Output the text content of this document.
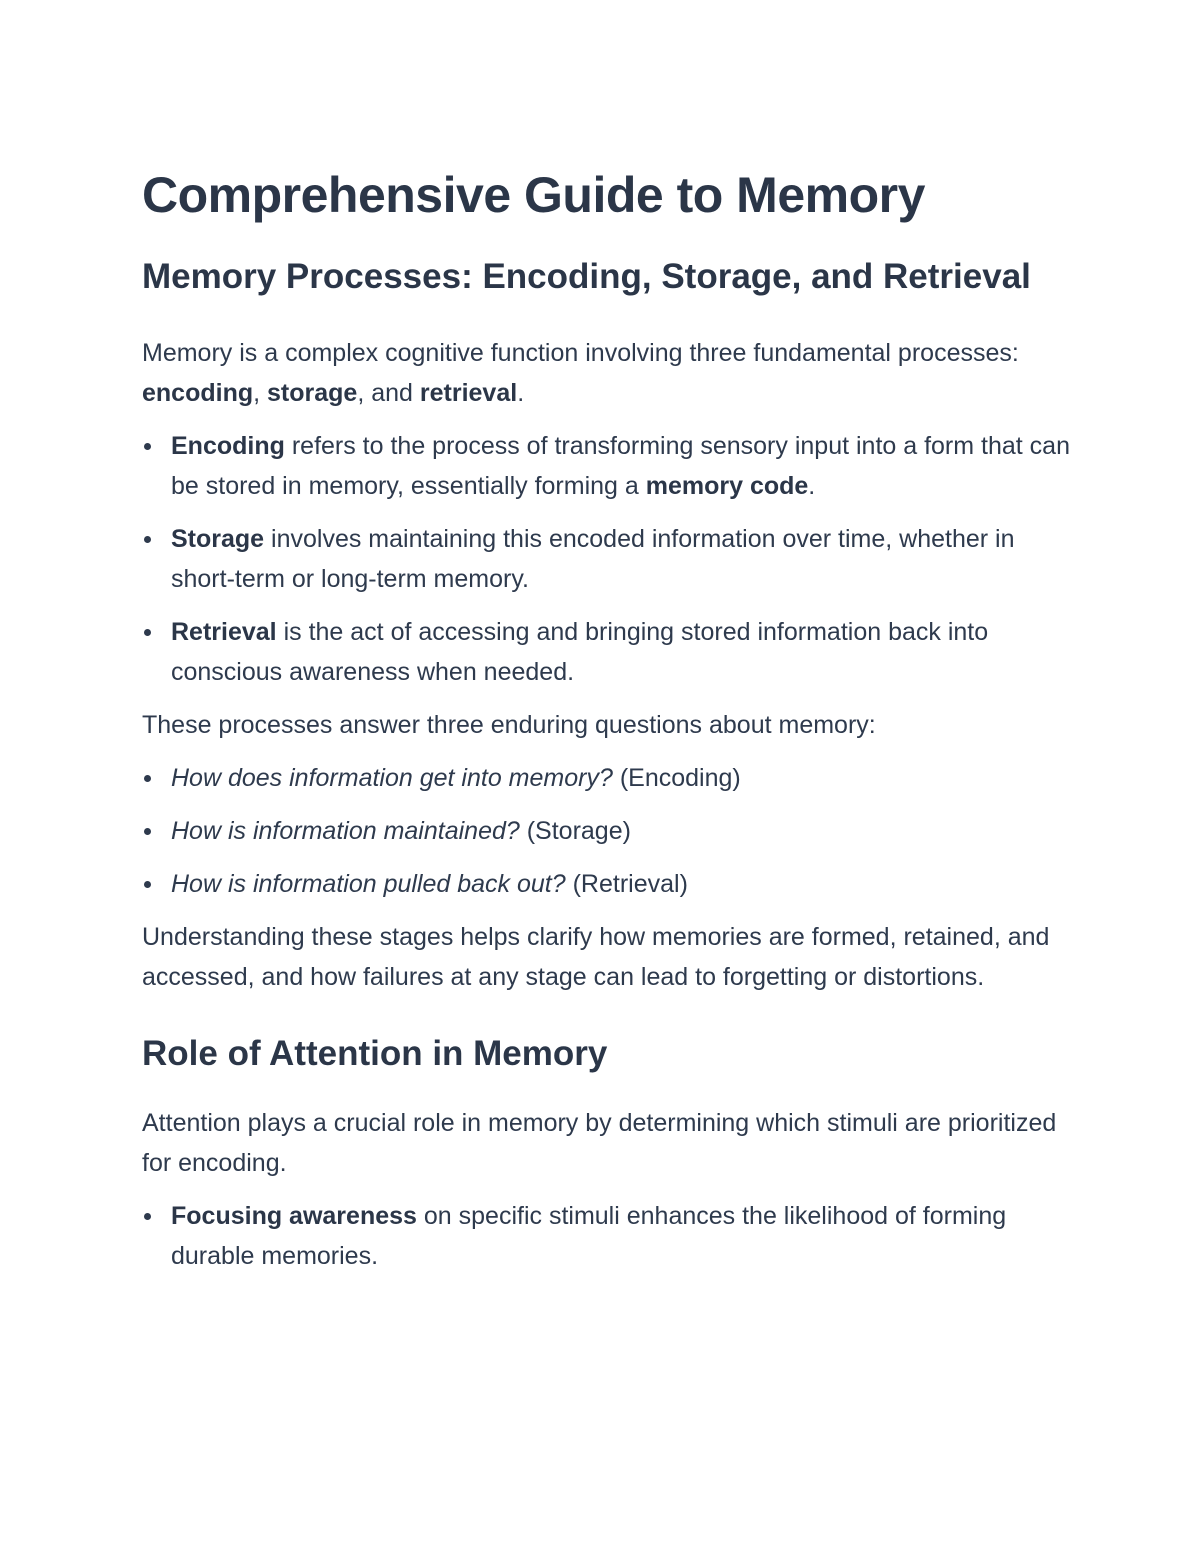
Comprehensive Guide to Memory
Memory Processes: Encoding, Storage, and Retrieval

Memory is a complex cognitive function involving three fundamental processes: encoding, storage, and retrieval.

Encoding refers to the process of transforming sensory input into a form that can be stored in memory, essentially forming a memory code.
Storage involves maintaining this encoded information over time, whether in short-term or long-term memory.
Retrieval is the act of accessing and bringing stored information back into conscious awareness when needed.

These processes answer three enduring questions about memory:

How does information get into memory? (Encoding)
How is information maintained? (Storage)
How is information pulled back out? (Retrieval)

Understanding these stages helps clarify how memories are formed, retained, and accessed, and how failures at any stage can lead to forgetting or distortions.

Role of Attention in Memory

Attention plays a crucial role in memory by determining which stimuli are prioritized for encoding.

Focusing awareness on specific stimuli enhances the likelihood of forming durable memories.
